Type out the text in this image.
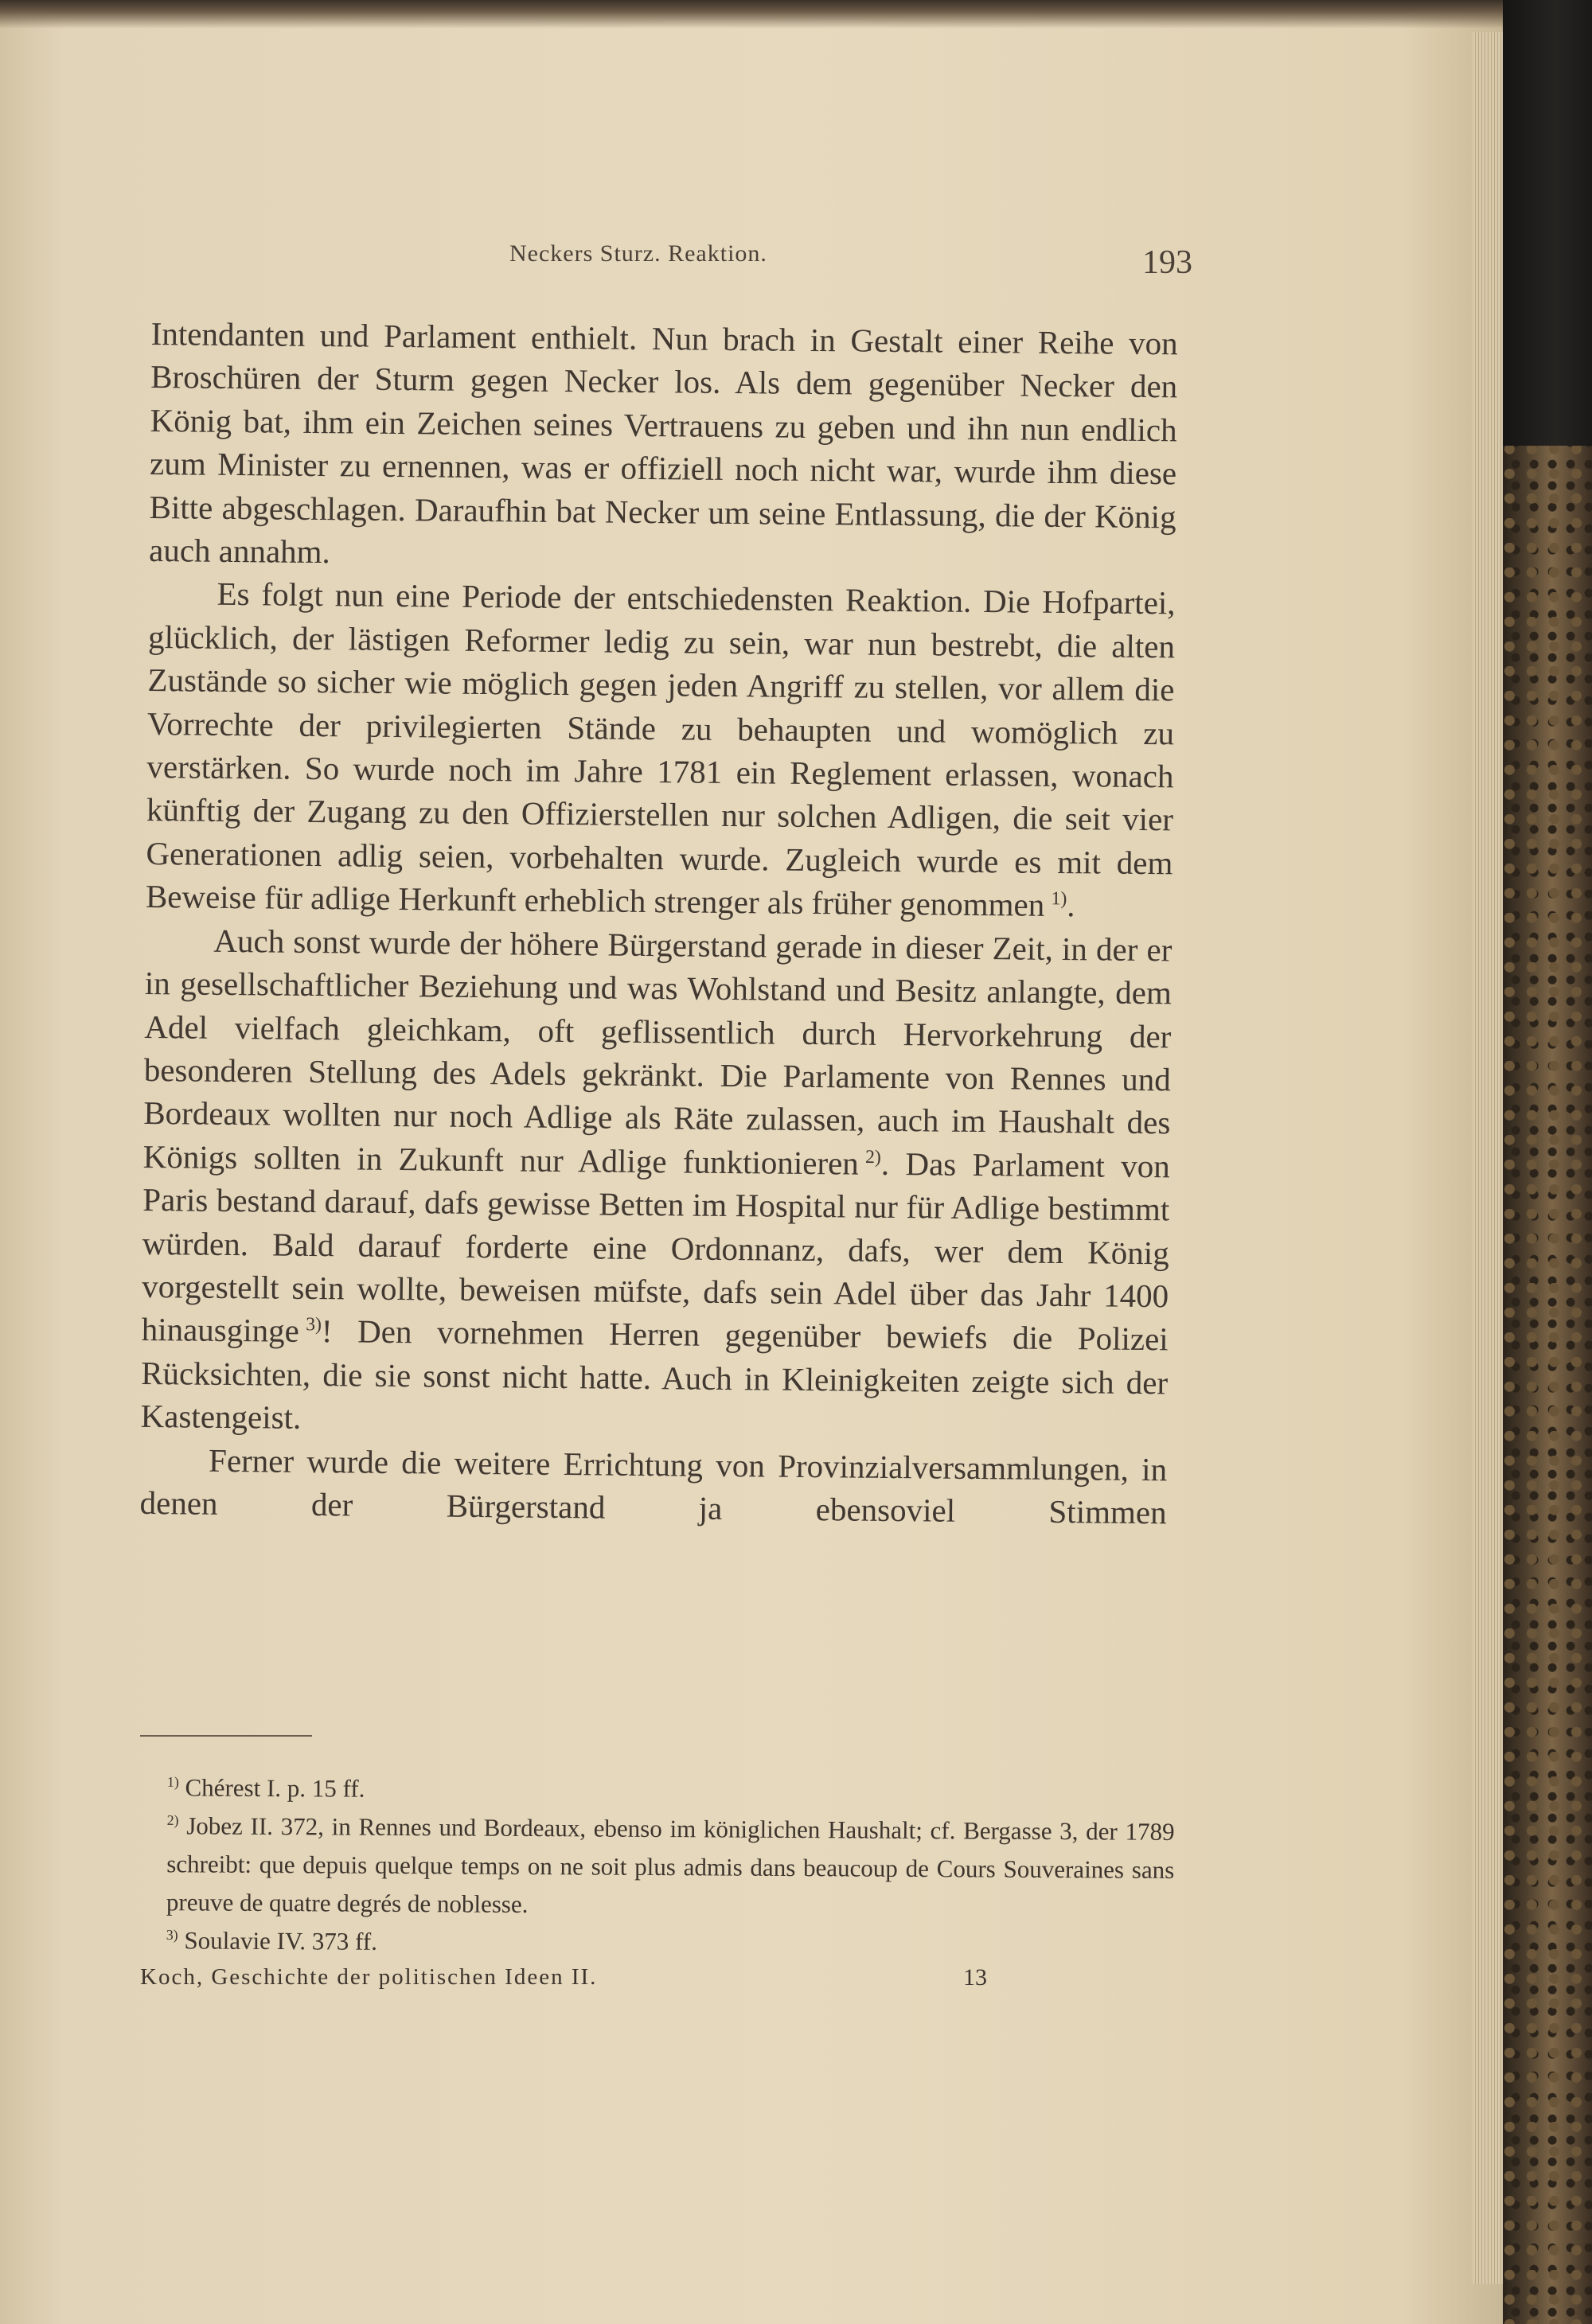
Neckers Sturz. Reaktion.	193

Intendanten und Parlament enthielt. Nun brach in Gestalt einer Reihe von Broschüren der Sturm gegen Necker los. Als dem gegenüber Necker den König bat, ihm ein Zeichen seines Vertrauens zu geben und ihn nun endlich zum Minister zu ernennen, was er offiziell noch nicht war, wurde ihm diese Bitte abgeschlagen. Daraufhin bat Necker um seine Entlassung, die der König auch annahm.

Es folgt nun eine Periode der entschiedensten Reaktion. Die Hofpartei, glücklich, der lästigen Reformer ledig zu sein, war nun bestrebt, die alten Zustände so sicher wie möglich gegen jeden Angriff zu stellen, vor allem die Vorrechte der privilegierten Stände zu behaupten und womöglich zu verstärken. So wurde noch im Jahre 1781 ein Reglement erlassen, wonach künftig der Zugang zu den Offizierstellen nur solchen Adligen, die seit vier Generationen adlig seien, vorbehalten wurde. Zugleich wurde es mit dem Beweise für adlige Herkunft erheblich strenger als früher genommen  $^{1)}$.

Auch sonst wurde der höhere Bürgerstand gerade in dieser Zeit, in der er in gesellschaftlicher Beziehung und was Wohlstand und Besitz anlangte, dem Adel vielfach gleichkam, oft geflissentlich durch Hervorkehrung der besonderen Stellung des Adels gekränkt. Die Parlamente von Rennes und Bordeaux wollten nur noch Adlige als Räte zulassen, auch im Haushalt des Königs sollten in Zukunft nur Adlige funktionieren  $^{2)}$. Das Parlament von Paris bestand darauf, dafs gewisse Betten im Hospital nur für Adlige bestimmt würden. Bald darauf forderte eine Ordonnanz, dafs, wer dem König vorgestellt sein wollte, beweisen müfste, dafs sein Adel über das Jahr 1400 hinausginge  $^{3)}$! Den vornehmen Herren gegenüber bewiefs die Polizei Rücksichten, die sie sonst nicht hatte. Auch in Kleinigkeiten zeigte sich der Kastengeist.

Ferner wurde die weitere Errichtung von Provinzialversammlungen, in denen der Bürgerstand ja ebensoviel Stimmen

$^{1)}$ Chérest I. p. 15 ff.

$^{2)}$ Jobez II. 372, in Rennes und Bordeaux, ebenso im königlichen Haushalt; cf. Bergasse 3, der 1789 schreibt: que depuis quelque temps on ne soit plus admis dans beaucoup de Cours Souveraines sans preuve de quatre degrés de noblesse.

$^{3)}$ Soulavie IV. 373 ff.

Koch, Geschichte der politischen Ideen II.	13
